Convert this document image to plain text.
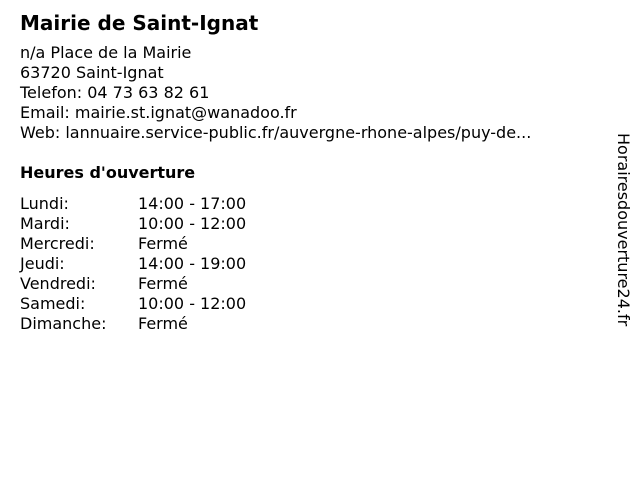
Mairie de Saint-Ignat
n/a Place de la Mairie
63720 Saint-Ignat
Telefon: 04 73 63 82 61
Email: mairie.st.ignat@wanadoo.fr
Web: lannuaire.service-public.fr/auvergne-rhone-alpes/puy-de...
Heures d'ouverture
Lundi:	14:00 - 17:00
Mardi:	10:00 - 12:00
Mercredi:	Fermé
Jeudi:	14:00 - 19:00
Vendredi:	Fermé
Samedi:	10:00 - 12:00
Dimanche: Fermé	Horairesdouverture24.fr
